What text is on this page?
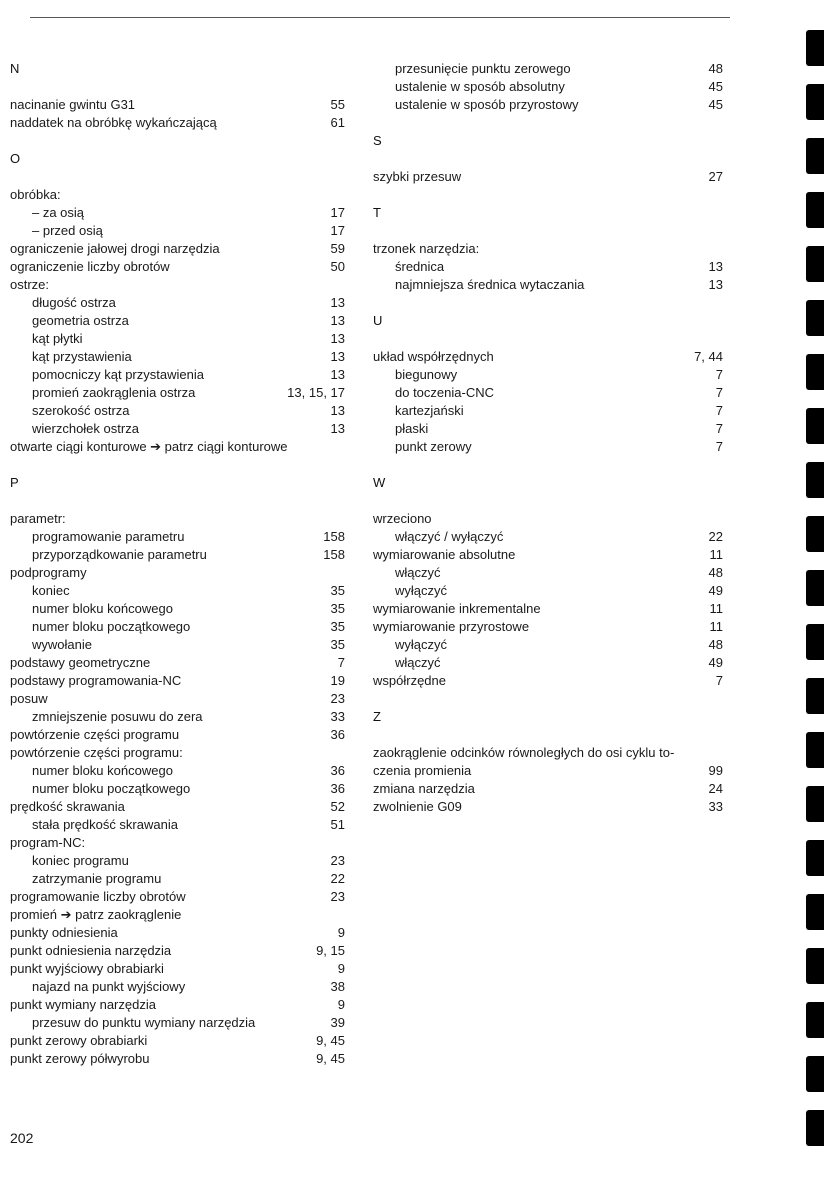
N
nacinanie gwintu G31	55
naddatek na obróbkę wykańczającą	61
O
obróbka:
– za osią	17
– przed osią	17
ograniczenie jałowej drogi narzędzia	59
ograniczenie liczby obrotów	50
ostrze:
długość ostrza	13
geometria ostrza	13
kąt płytki	13
kąt przystawienia	13
pomocniczy kąt przystawienia	13
promień zaokrąglenia ostrza	13, 15, 17
szerokość ostrza	13
wierzchołek ostrza	13
otwarte ciągi konturowe ➔ patrz ciągi konturowe
P
parametr:
programowanie parametru	158
przyporządkowanie parametru	158
podprogramy
koniec	35
numer bloku końcowego	35
numer bloku początkowego	35
wywołanie	35
podstawy geometryczne	7
podstawy programowania-NC	19
posuw	23
zmniejszenie posuwu do zera	33
powtórzenie części programu	36
powtórzenie części programu:
numer bloku końcowego	36
numer bloku początkowego	36
prędkość skrawania	52
stała prędkość skrawania	51
program-NC:
koniec programu	23
zatrzymanie programu	22
programowanie liczby obrotów	23
promień ➔ patrz zaokrąglenie
punkty odniesienia	9
punkt odniesienia narzędzia	9, 15
punkt wyjściowy obrabiarki	9
najazd na punkt wyjściowy	38
punkt wymiany narzędzia	9
przesuw do punktu wymiany narzędzia	39
punkt zerowy obrabiarki	9, 45
punkt zerowy półwyrobu	9, 45
przesunięcie punktu zerowego	48
ustalenie w sposób absolutny	45
ustalenie w sposób przyrostowy	45
S
szybki przesuw	27
T
trzonek narzędzia:
średnica	13
najmniejsza średnica wytaczania	13
U
układ współrzędnych	7, 44
biegunowy	7
do toczenia-CNC	7
kartezjański	7
płaski	7
punkt zerowy	7
W
wrzeciono
włączyć / wyłączyć	22
wymiarowanie absolutne	11
włączyć	48
wyłączyć	49
wymiarowanie inkrementalne	11
wymiarowanie przyrostowe	11
wyłączyć	48
włączyć	49
współrzędne	7
Z
zaokrąglenie odcinków równoległych do osi cyklu to-
czenia promienia	99
zmiana narzędzia	24
zwolnienie G09	33
202
